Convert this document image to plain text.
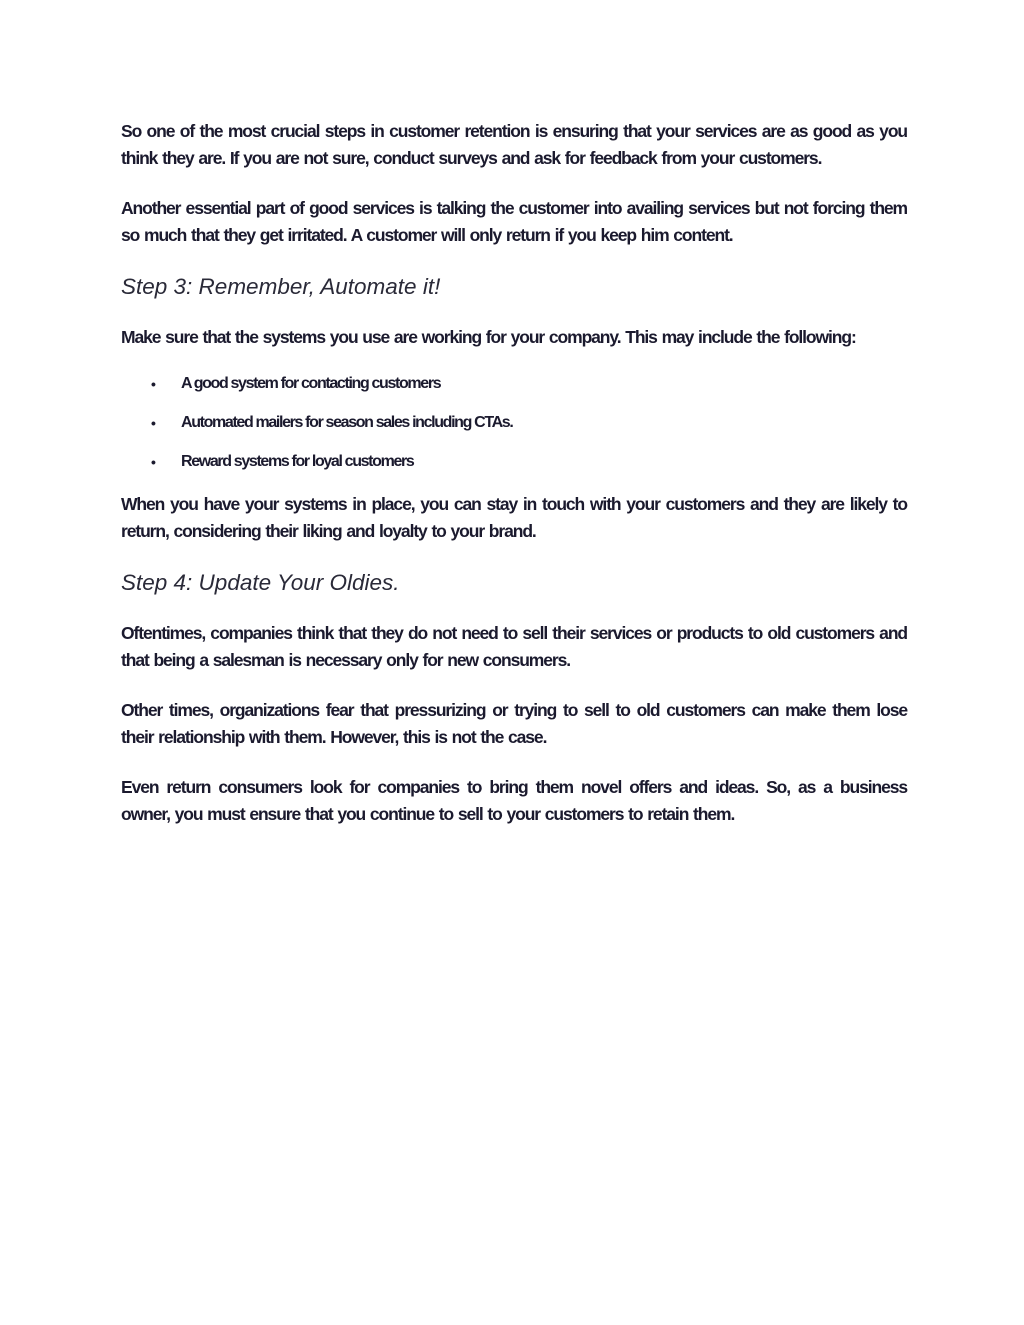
So one of the most crucial steps in customer retention is ensuring that your services are as good as you think they are. If you are not sure, conduct surveys and ask for feedback from your customers.

Another essential part of good services is talking the customer into availing services but not forcing them so much that they get irritated. A customer will only return if you keep him content.

Step 3: Remember, Automate it!

Make sure that the systems you use are working for your company. This may include the following:

• A good system for contacting customers
• Automated mailers for season sales including CTAs.
• Reward systems for loyal customers

When you have your systems in place, you can stay in touch with your customers and they are likely to return, considering their liking and loyalty to your brand.

Step 4: Update Your Oldies.

Oftentimes, companies think that they do not need to sell their services or products to old customers and that being a salesman is necessary only for new consumers.

Other times, organizations fear that pressurizing or trying to sell to old customers can make them lose their relationship with them. However, this is not the case.

Even return consumers look for companies to bring them novel offers and ideas. So, as a business owner, you must ensure that you continue to sell to your customers to retain them.
